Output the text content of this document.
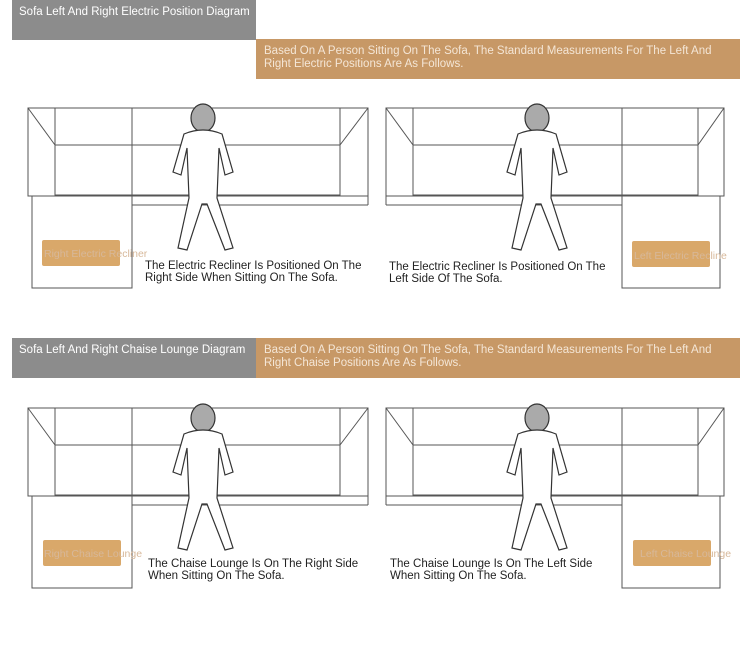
Sofa Left And Right Electric Position Diagram
Based On A Person Sitting On The Sofa, The Standard Measurements For The Left And Right Electric Positions Are As Follows.
Right Electric Recliner
The Electric Recliner Is Positioned On The Right Side When Sitting On The Sofa.
Left Electric Recline
The Electric Recliner Is Positioned On The Left Side Of The Sofa.
Sofa Left And Right Chaise Lounge Diagram	Based On A Person Sitting On The Sofa, The Standard Measurements For The Left And Right Chaise Positions Are As Follows.
Right Chaise Lounge
The Chaise Lounge Is On The Right Side When Sitting On The Sofa.
Left Chaise Lounge
The Chaise Lounge Is On The Left Side When Sitting On The Sofa.
